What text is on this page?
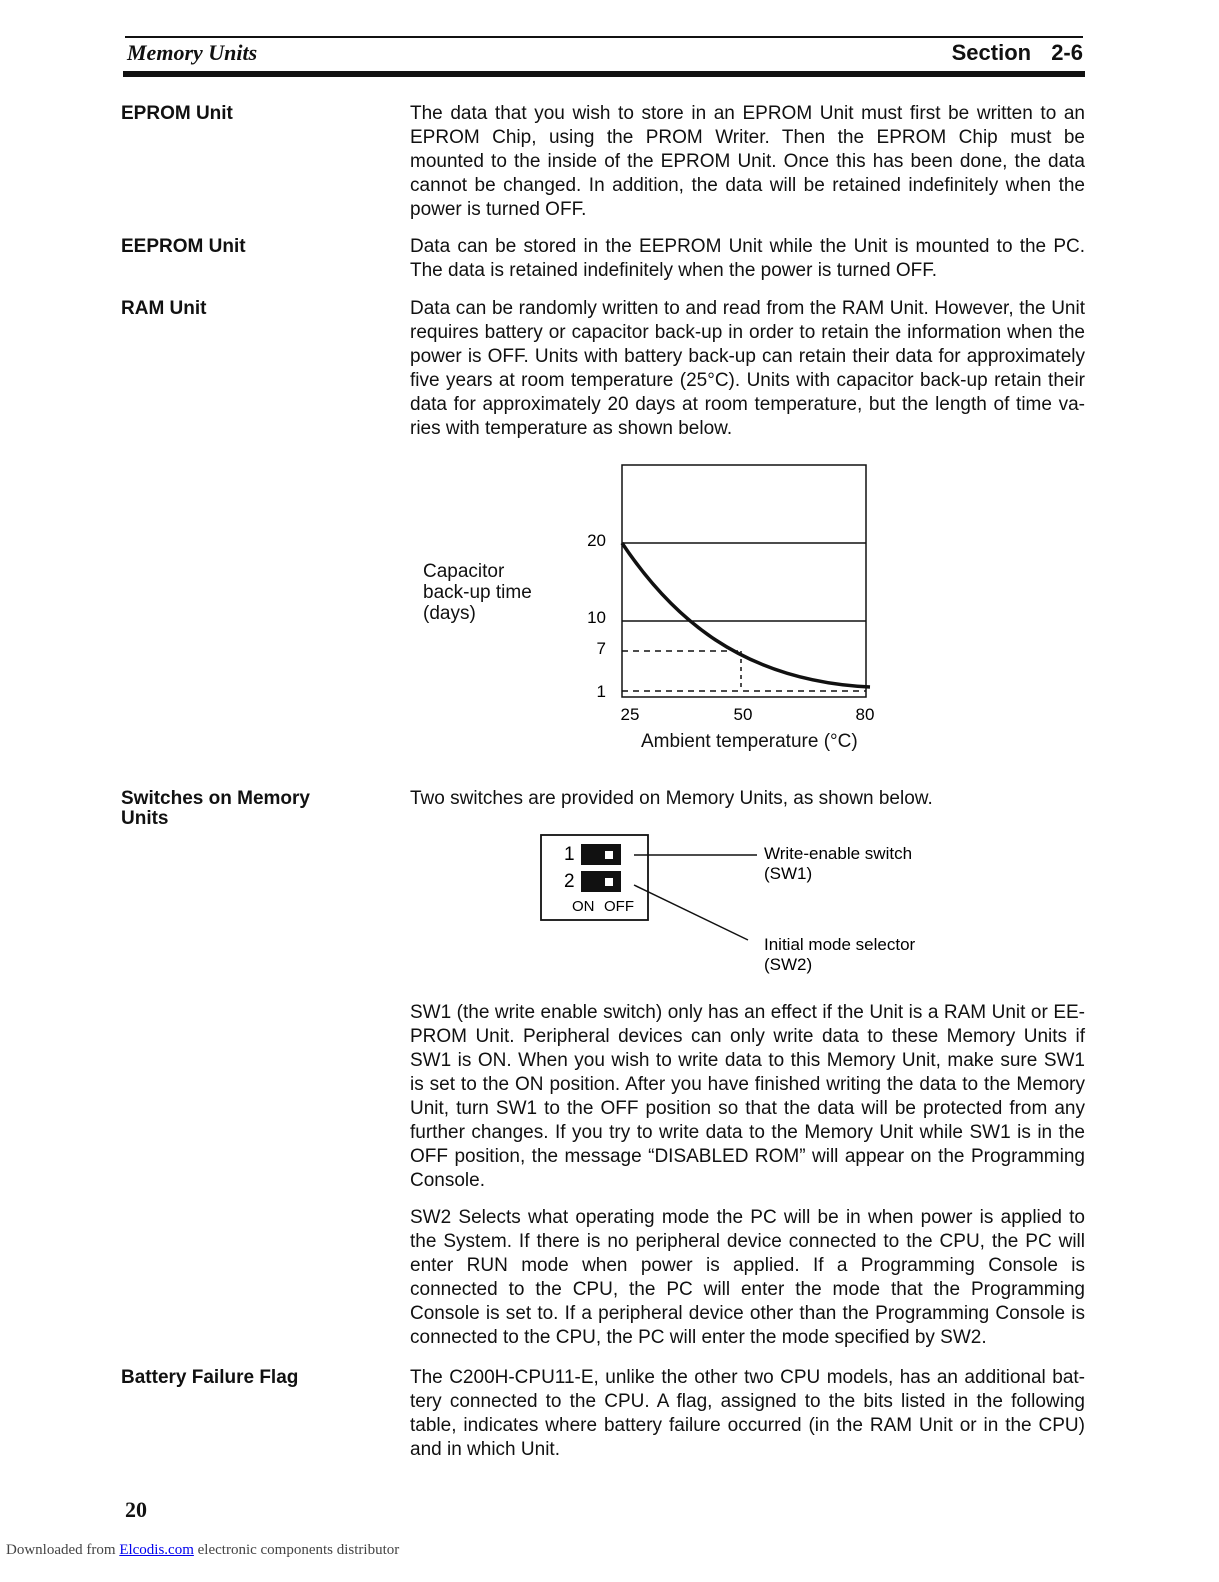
Memory Units	Section 2-6
EPROM Unit	The data that you wish to store in an EPROM Unit must first be written to an EPROM Chip, using the PROM Writer. Then the EPROM Chip must be mounted to the inside of the EPROM Unit. Once this has been done, the data cannot be changed. In addition, the data will be retained indefinitely when the power is turned OFF.

EEPROM Unit	Data can be stored in the EEPROM Unit while the Unit is mounted to the PC. The data is retained indefinitely when the power is turned OFF.

RAM Unit	Data can be randomly written to and read from the RAM Unit. However, the Unit requires battery or capacitor back-up in order to retain the information when the power is OFF. Units with battery back-up can retain their data for approximately five years at room temperature (25°C). Units with capacitor back-up retain their data for approximately 20 days at room temperature, but the length of time va-ries with temperature as shown below.

Capacitor
back-up time
(days)
20
10
7
1
25	50	80
Ambient temperature (°C)
Switches on Memory Units

Two switches are provided on Memory Units, as shown below.

1
2
ON OFF
Write-enable switch
(SW1)
Initial mode selector
(SW2)

SW1 (the write enable switch) only has an effect if the Unit is a RAM Unit or EE-PROM Unit. Peripheral devices can only write data to these Memory Units if SW1 is ON. When you wish to write data to this Memory Unit, make sure SW1 is set to the ON position. After you have finished writing the data to the Memory Unit, turn SW1 to the OFF position so that the data will be protected from any further changes. If you try to write data to the Memory Unit while SW1 is in the OFF position, the message “DISABLED ROM” will appear on the Programming Console.

SW2 Selects what operating mode the PC will be in when power is applied to the System. If there is no peripheral device connected to the CPU, the PC will enter RUN mode when power is applied. If a Programming Console is connected to the CPU, the PC will enter the mode that the Programming Console is set to. If a peripheral device other than the Programming Console is connected to the CPU, the PC will enter the mode specified by SW2.

Battery Failure Flag	The C200H-CPU11-E, unlike the other two CPU models, has an additional bat-tery connected to the CPU. A flag, assigned to the bits listed in the following table, indicates where battery failure occurred (in the RAM Unit or in the CPU) and in which Unit.

20
Downloaded from Elcodis.com electronic components distributor
